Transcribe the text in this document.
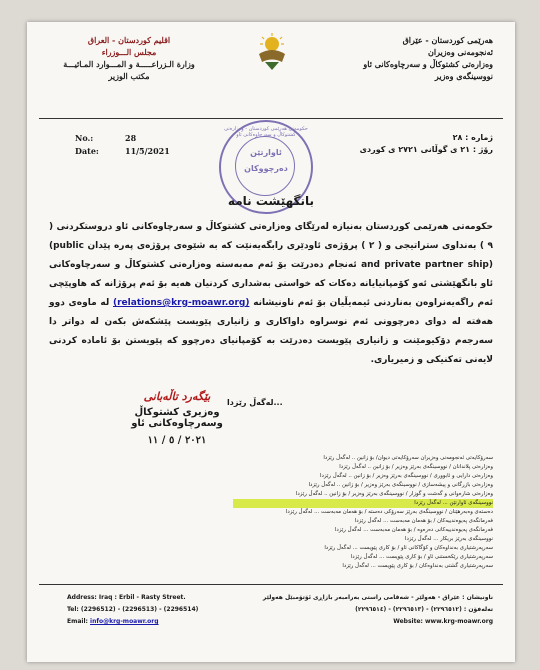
هەرێمی کوردستان - عێراق
ئەنجومەنی وەزیران
وەزارەتی کشتوکاڵ و سەرچاوەکانی ئاو
نووسینگەی وەزیر
اقليم كوردستان - العراق
مجلس الـــوزراء
وزارة الـزراعـــــة و المـــوارد المـائيـــة
مكتب الوزير
No.:	28
Date:	11/5/2021
ژمارە : ٢٨
رۆژ : ٢١ ی گوڵانی ٢٧٢١ ی کوردی
حكومەتى هەرێمى كوردستان - وەزارەتى كشتوكاڵ و سەرچاوەكانى ئاو
ئاوارتێن
دەرچووکان
بانگهێشت نامە

حکومەتی هەرێمی کوردستان بەنیازە لەرێگای وەزارەتی کشتوکاڵ و سەرچاوەکانی ئاو دروستکردنی ( ٩ ) بەنداوی ستراتیجی و ( ٢ ) پرۆژەی ئاودێری رابگەیەنێت کە بە شێوەی پرۆژەی پەرە پێدان (public and private partner ship) ئەنجام دەدرێت بۆ ئەم مەبەستە وەزارەتی کشتوکاڵ و سەرچاوەکانی ئاو بانگهێشتی ئەو کۆمپانیایانە دەکات کە خواستی بەشداری کردنیان هەیە بۆ ئەم پرۆژانە کە هاوپێچی ئەم راگەیەنراوەن بەناردنی ئیمەیڵیان بۆ ئەم ناونیشانە (relations@krg-moawr.org) لە ماوەی دوو هەفتە لە دوای دەرچوونی ئەم نوسراوە داواکاری و زانیاری پێویست پێشکەش بکەن لە دواتر دا سەرجەم دۆکیومێنت و زانیاری پێویست دەدرێت بە کۆمپانیای دەرچوو کە پێویستن بۆ ئامادە کردنی لایەنی تەکنیکی و زمیریاری.

...لەگەڵ رێزدا
بێگەرد تاڵەبانی
وەزیری کشتوکاڵ وسەرچاوەکانی ئاو
٢٠٢١ / ٥ / ١١
سەرۆکایەتی ئەنجومەنی وەزیران سەرۆکایەتی دیوان/ بۆ زانین .. لەگەڵ رێزدا
وەزارەتی پلاندانان / نووسینگەی بەرێز وەزیر / بۆ زانین .. لەگەڵ رێزدا
وەزارەتی دارایی و ئابووری / نووسینگەی بەرێز وەزیر / بۆ زانین .. لەگەڵ رێزدا
وەزارەتی بازرگانی و پیشەسازی / نووسینگەی بەرێز وەزیر / بۆ زانین .. لەگەڵ رێزدا
وەزارەتی شارەوانی و گەشت و گوزار / نووسینگەی بەرێز وەزیر / بۆ زانین .. لەگەڵ رێزدا
نووسینگەی ئاوارتێن ... لەگەڵ رێزدا
دەستەی وەبەرهێنان / نووسینگەی بەرێز سەرۆکی دەستە / بۆ هەمان مەبەست ... لەگەڵ رێزدا
فەرمانگەی پەیوەندییەکان / بۆ هەمان مەبەست ... لەگەڵ رێزدا
فەرمانگەی پەیوەندییەکانی دەرەوە / بۆ هەمان مەبەست ... لەگەڵ رێزدا
نووسینگەی بەرێز بریکار ... لەگەڵ رێزدا
سەرپەرشتیاری بەنداوەکان و کۆگاکانی ئاو / بۆ کاری پێویست ... لەگەڵ رێزدا
سەرپەرشتیاری رێکخستنی ئاو / بۆ کاری پێویست ... لەگەڵ رێزدا
سەرپەرشتیاری گشتی بەنداوەکان / بۆ کاری پێویست ... لەگەڵ رێزدا
Address: Iraq : Erbil - Rasty Street.
Tel: (2296512) - (2296513) - (2296514)
Email: info@krg-moawr.org
ناونیشان : عێراق - هەولێر - شەقامی راستی بەرامبەر بازاڕی ئۆتۆمبێل هەولێر
تەلەفۆن : (٢٢٩٦٥١٢) - (٢٢٩٦٥١٣) - (٢٢٩٦٥١٤)
Website: www.krg-moawr.org
